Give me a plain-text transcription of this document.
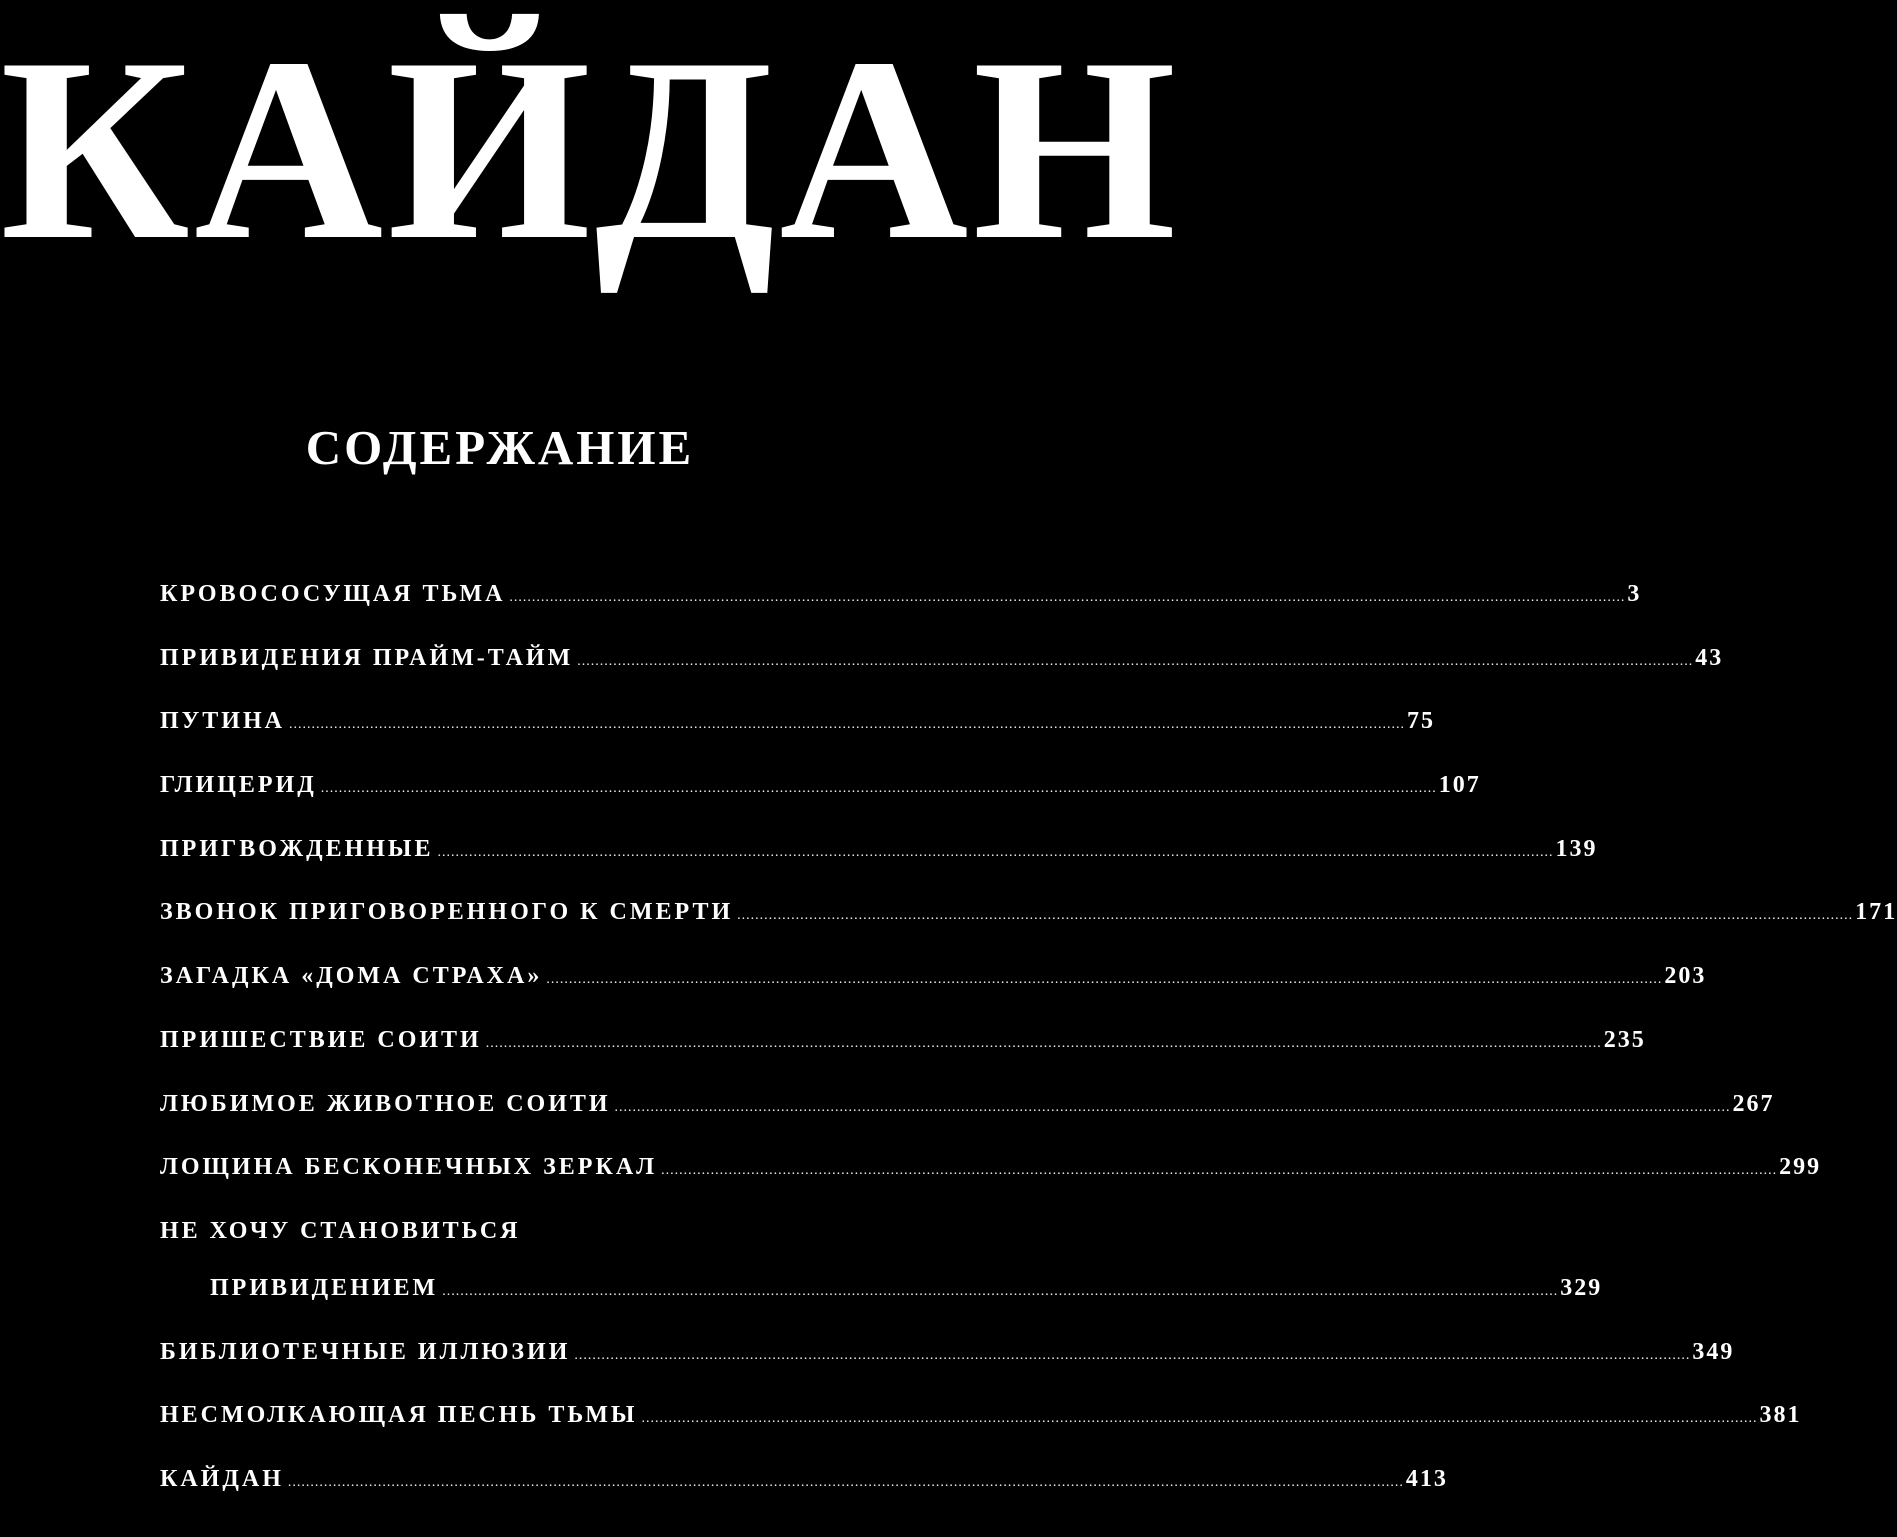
КАЙДАН
СОДЕРЖАНИЕ
КРОВОСОСУЩАЯ ТЬМА .....	3
ПРИВИДЕНИЯ ПРАЙМ-ТАЙМ .....	43
ПУТИНА .....	75
ГЛИЦЕРИД .....	107
ПРИГВОЖДЕННЫЕ .....	139
ЗВОНОК ПРИГОВОРЕННОГО К СМЕРТИ .....	171
ЗАГАДКА «ДОМА СТРАХА» .....	203
ПРИШЕСТВИЕ СОИТИ .....	235
ЛЮБИМОЕ ЖИВОТНОЕ СОИТИ .....	267
ЛОЩИНА БЕСКОНЕЧНЫХ ЗЕРКАЛ .....	299
НЕ ХОЧУ СТАНОВИТЬСЯ
ПРИВИДЕНИЕМ .....	329
БИБЛИОТЕЧНЫЕ ИЛЛЮЗИИ .....	349
НЕСМОЛКАЮЩАЯ ПЕСНЬ ТЬМЫ .....	381
КАЙДАН .....	413
